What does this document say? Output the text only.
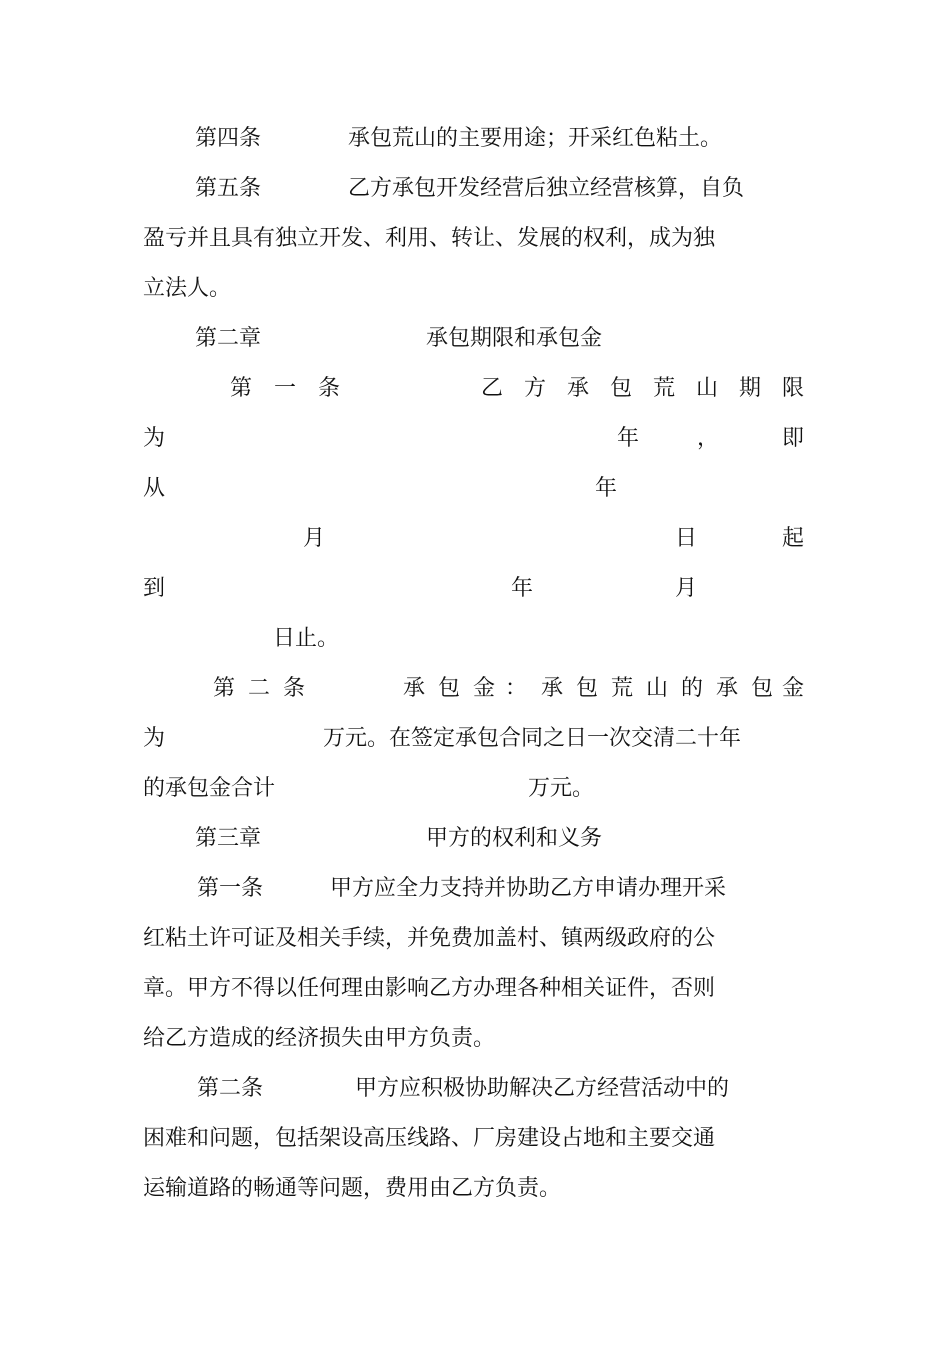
第四条	承包荒山的主要用途；开采红色粘土。

第五条	乙方承包开发经营后独立经营核算，自负

盈亏并且具有独立开发、利用、转让、发展的权利，成为独

立法人。

第二章	承包期限和承包金

第 一 条	乙 方 承 包 荒 山 期 限
为	年	，	即
从	年
月	日	起
到	年	月

日止。

第 二 条	承 包 金 ： 承 包 荒 山 的 承 包 金

为	万元。在签定承包合同之日一次交清二十年

的承包金合计	万元。

第三章	甲方的权利和义务

第一条	甲方应全力支持并协助乙方申请办理开采

红粘土许可证及相关手续，并免费加盖村、镇两级政府的公

章。甲方不得以任何理由影响乙方办理各种相关证件，否则

给乙方造成的经济损失由甲方负责。

第二条	甲方应积极协助解决乙方经营活动中的

困难和问题，包括架设高压线路、厂房建设占地和主要交通

运输道路的畅通等问题，费用由乙方负责。
